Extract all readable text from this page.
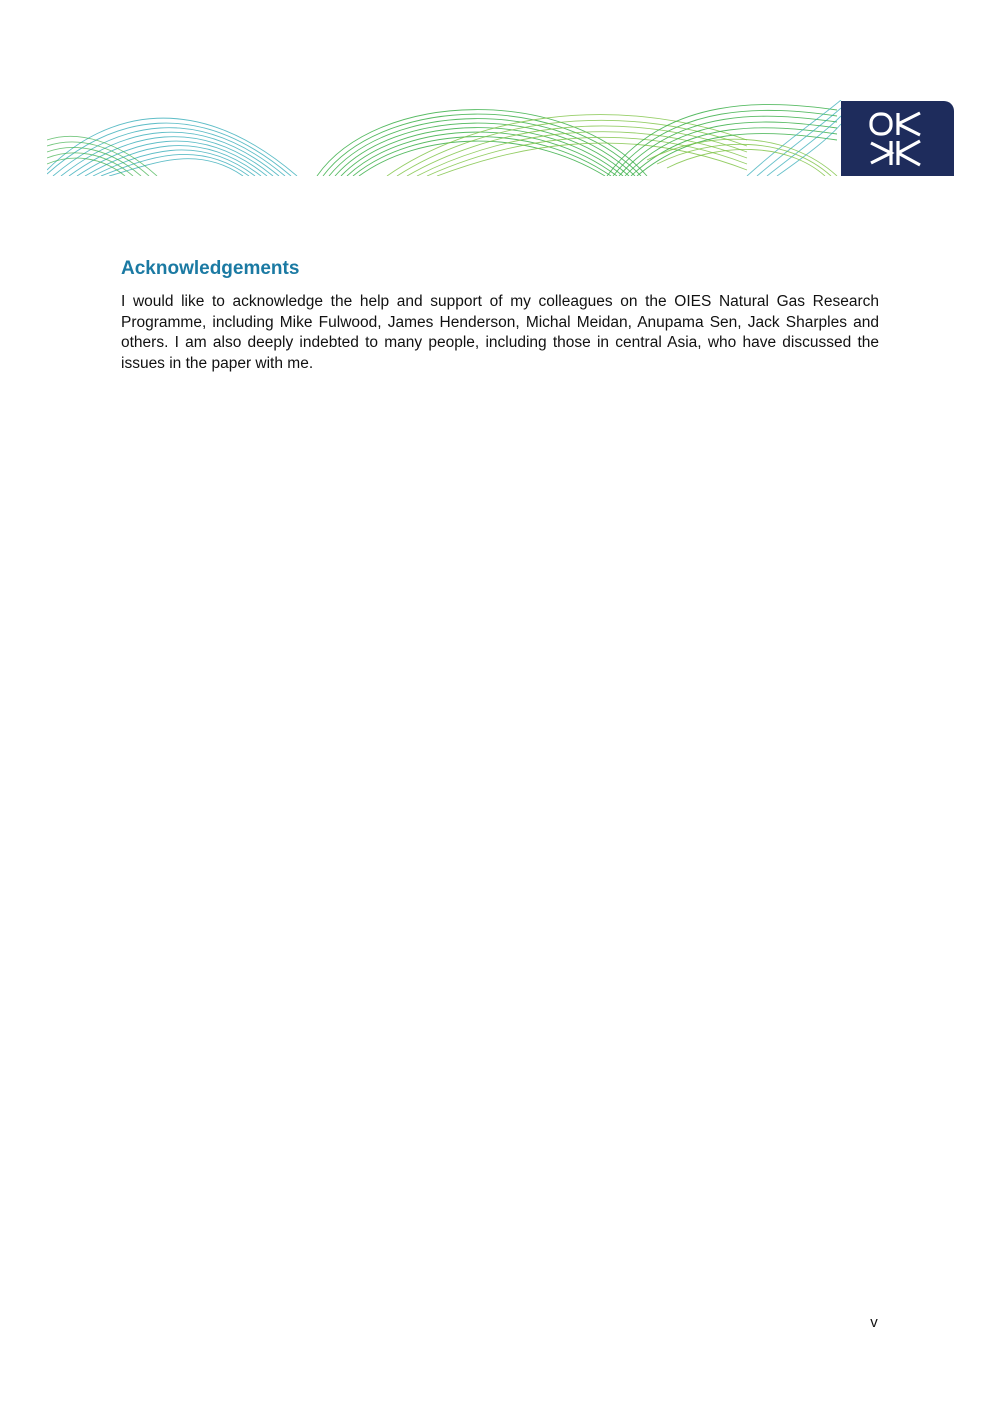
Acknowledgements

I would like to acknowledge the help and support of my colleagues on the OIES Natural Gas Research Programme, including Mike Fulwood, James Henderson, Michal Meidan, Anupama Sen, Jack Sharples and others. I am also deeply indebted to many people, including those in central Asia, who have discussed the issues in the paper with me.

v
